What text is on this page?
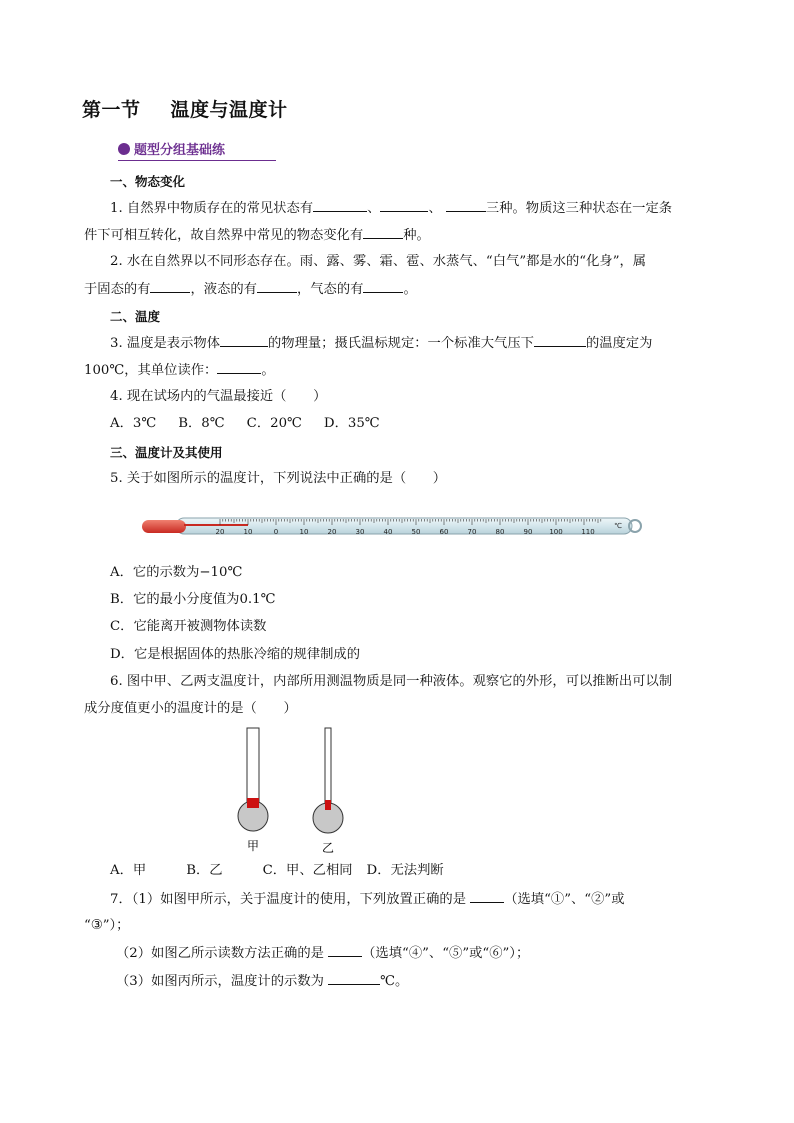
第一节 温度与温度计
题型分组基础练
一、物态变化
1. 自然界中物质存在的常见状态有	、	、	三种。物质这三种状态在一定条
件下可相互转化，故自然界中常见的物态变化有	种。
2. 水在自然界以不同形态存在。雨、露、雾、霜、雹、水蒸气、“白气”都是水的“化身”，属
于固态的有	，液态的有	，气态的有	。
二、温度
3. 温度是表示物体	的物理量；摄氏温标规定：一个标准大气压下	的温度定为
100℃，其单位读作：	。
4. 现在试场内的气温最接近（　　）
A．3℃ B．8℃ C．20℃ D．35℃
三、温度计及其使用
5. 关于如图所示的温度计，下列说法中正确的是（　　）
20	10	0	10	20	30	40	50	60	70	80	90 100	110
℃
A．它的示数为−10℃
B．它的最小分度值为0.1℃
C．它能离开被测物体读数
D．它是根据固体的热胀冷缩的规律制成的
6. 图中甲、乙两支温度计，内部所用测温物质是同一种液体。观察它的外形，可以推断出可以制
成分度值更小的温度计的是（　　）
甲	乙
A．甲	B．乙	C．甲、乙相同 D．无法判断
7．（1）如图甲所示，关于温度计的使用，下列放置正确的是	（选填“①”、“②”或
“③”）；
（2）如图乙所示读数方法正确的是	（选填“④”、“⑤”或“⑥”）；
（3）如图丙所示，温度计的示数为	℃。
